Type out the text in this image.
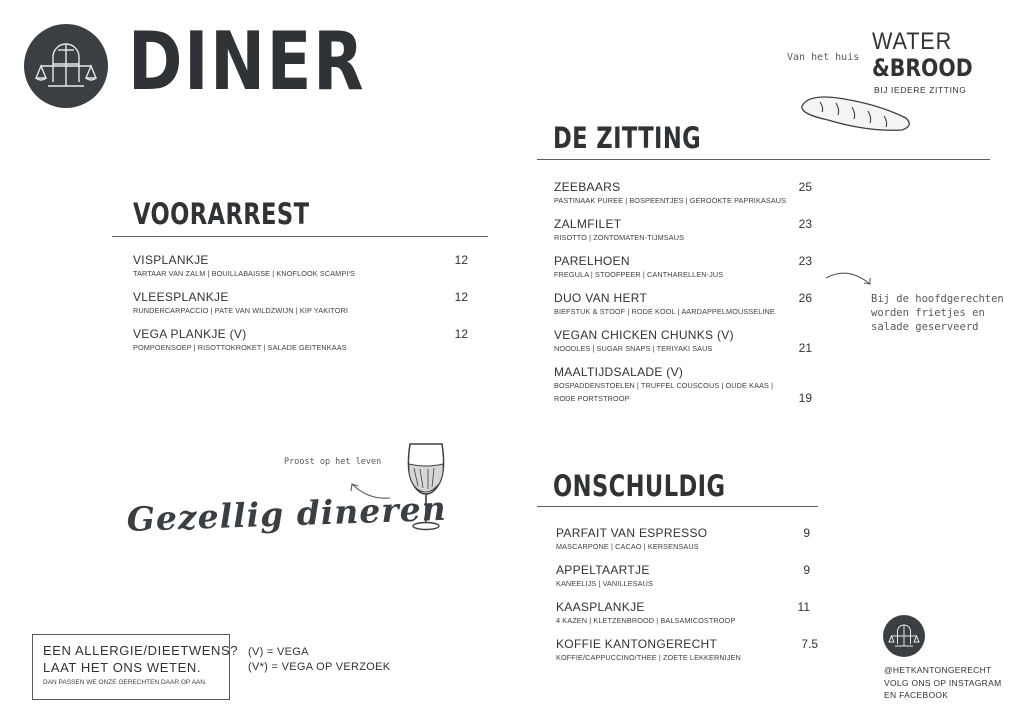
DINER	Van het huis
WATER
&BROOD
BIJ IEDERE ZITTING
VOORARREST
VISPLANKJE
TARTAAR VAN ZALM | BOUILLABAISSE | KNOFLOOK SCAMPI'S
12
VLEESPLANKJE
RUNDERCARPACCIO | PATE VAN WILDZWIJN | KIP YAKITORI
12
VEGA PLANKJE (V)
POMPOENSOEP | RISOTTOKROKET | SALADE GEITENKAAS
12
DE ZITTING
ZEEBAARS
PASTINAAK PUREE | BOSPEENTJES | GEROOKTE PAPRIKASAUS
25
ZALMFILET
RISOTTO | ZONTOMATEN-TIJMSAUS
23
PARELHOEN
FREGULA | STOOFPEER | CANTHARELLEN-JUS
23
DUO VAN HERT
BIEFSTUK & STOOF | RODE KOOL | AARDAPPELMOUSSELINE
26
VEGAN CHICKEN CHUNKS (V)
NOODLES | SUGAR SNAPS | TERIYAKI SAUS	21
MAALTIJDSALADE (V)
BOSPADDENSTOELEN | TRUFFEL COUSCOUS | OUDE KAAS |
RODE PORTSTROOP	19
Bij de hoofdgerechten
worden frietjes en
salade geserveerd
ONSCHULDIG
PARFAIT VAN ESPRESSO
MASCARPONE | CACAO | KERSENSAUS
9
APPELTAARTJE
KANEELIJS | VANILLESAUS
9
KAASPLANKJE
4 KAZEN | KLETZENBROOD | BALSAMICOSTROOP
11
KOFFIE KANTONGERECHT
KOFFIE/CAPPUCCINO/THEE | ZOETE LEKKERNIJEN
7.5
Proost op het leven
Gezellig dineren
EEN ALLERGIE/DIEETWENS?
LAAT HET ONS WETEN.
DAN PASSEN WE ONZE GERECHTEN DAAR OP AAN.
(V) = VEGA
(V*) = VEGA OP VERZOEK	@HETKANTONGERECHT
VOLG ONS OP INSTAGRAM
EN FACEBOOK
